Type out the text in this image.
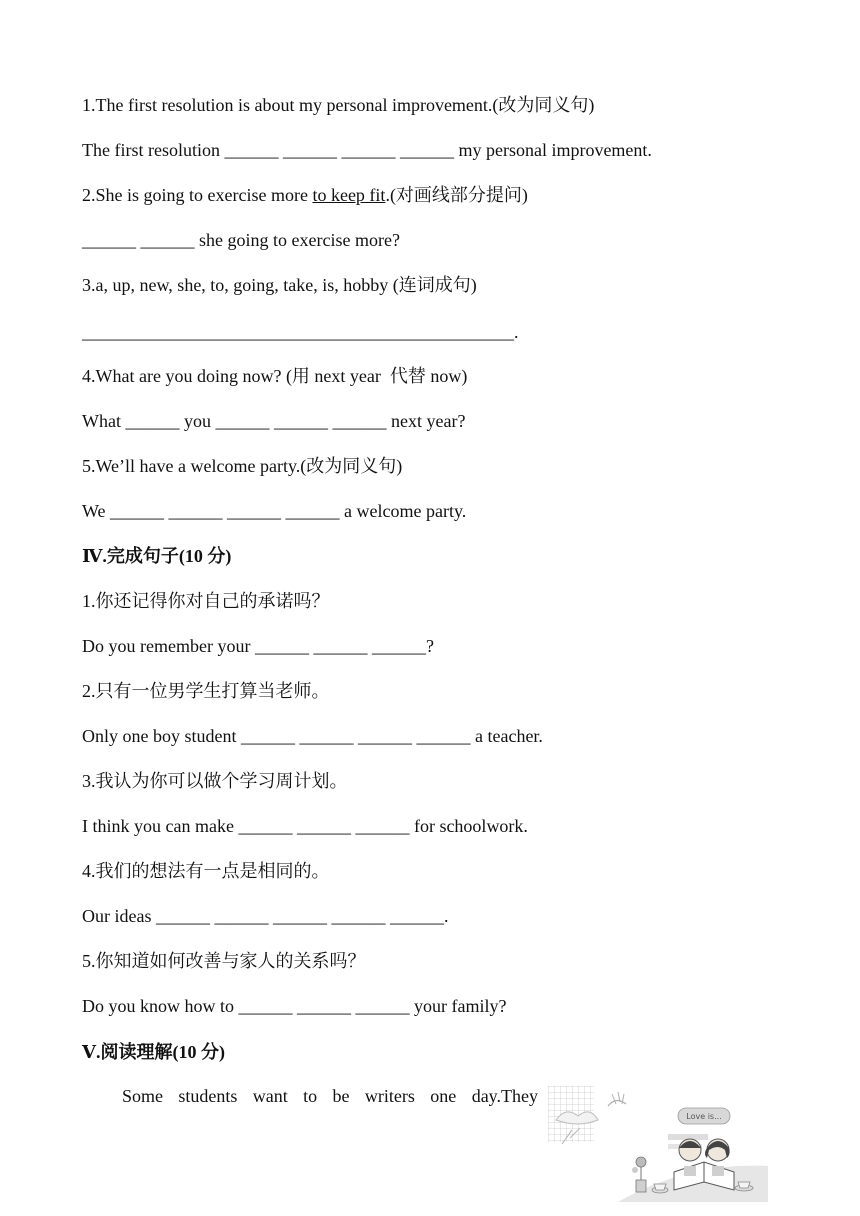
1.The first resolution is about my personal improvement.(改为同义句)

The first resolution ______ ______ ______ ______ my personal improvement.

2.She is going to exercise more to keep fit.(对画线部分提问)

______ ______ she going to exercise more?

3.a, up, new, she, to, going, take, is, hobby (连词成句)

________________________________________________.

4.What are you doing now? (用 next year  代替 now)

What ______ you ______ ______ ______ next year?

5.We’ll have a welcome party.(改为同义句)

We ______ ______ ______ ______ a welcome party.

Ⅳ.完成句子(10 分)

1.你还记得你对自己的承诺吗？

Do you remember your ______ ______ ______?

2.只有一位男学生打算当老师。

Only one boy student ______ ______ ______ ______ a teacher.

3.我认为你可以做个学习周计划。

I think you can make ______ ______ ______ for schoolwork.

4.我们的想法有一点是相同的。

Our ideas ______ ______ ______ ______ ______.

5.你知道如何改善与家人的关系吗？

Do you know how to ______ ______ ______ your family?

Ⅴ.阅读理解(10 分)

Some students want to be writers one day.They

Love is...
